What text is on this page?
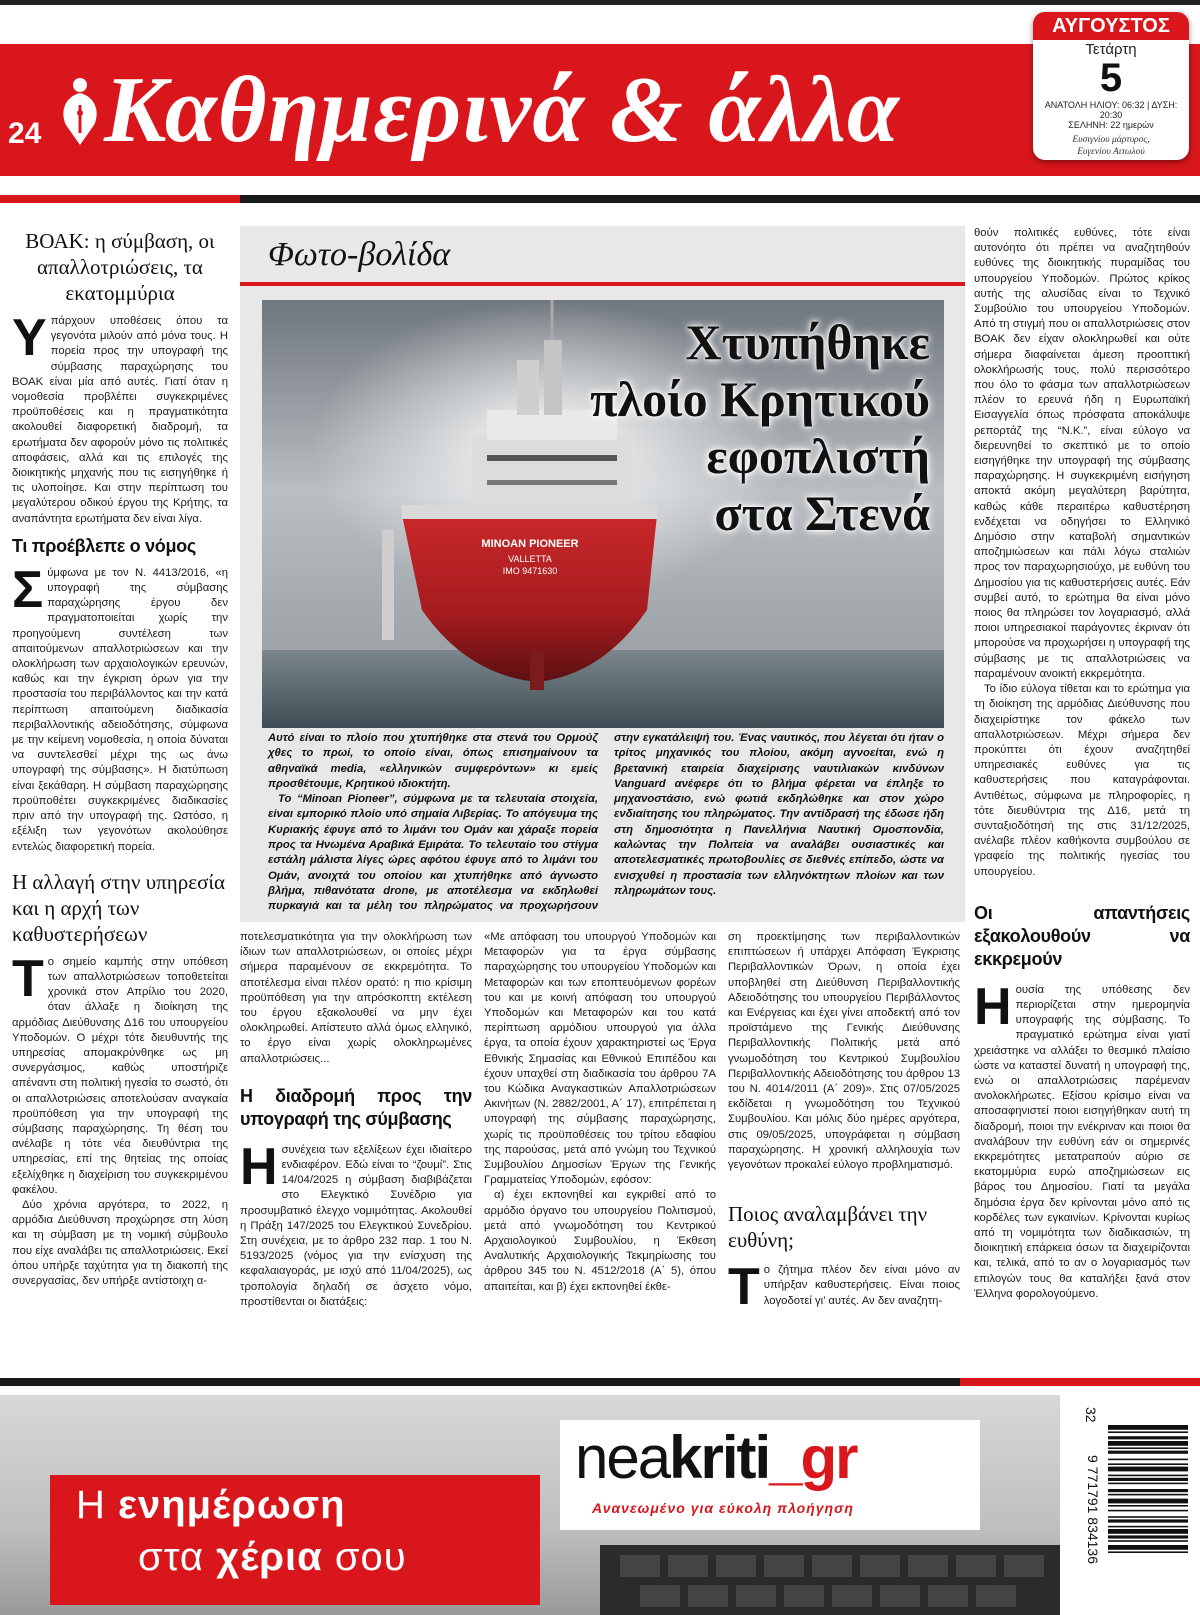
24 Καθημερινά & άλλα
ΑΥΓΟΥΣΤΟΣ
Τετάρτη
5
ΑΝΑΤΟΛΗ ΗΛΙΟΥ: 06:32 | ΔΥΣΗ: 20:30
ΣΕΛΗΝΗ: 22 ημερών
Ευσιγνίου μάρτυρος,
Ευγενίου Αιτωλού
ΒΟΑΚ: η σύμβαση, οι απαλλοτριώσεις, τα εκατομμύρια

Υπάρχουν υποθέσεις όπου τα γεγονότα μιλούν από μόνα τους. Η πορεία προς την υπογραφή της σύμβασης παραχώρησης του ΒΟΑΚ είναι μία από αυτές. Γιατί όταν η νομοθεσία προβλέπει συγκεκριμένες προϋποθέσεις και η πραγματικότητα ακολουθεί διαφορετική διαδρομή, τα ερωτήματα δεν αφορούν μόνο τις πολιτικές αποφάσεις, αλλά και τις επιλογές της διοικητικής μηχανής που τις εισηγήθηκε ή τις υλοποίησε. Και στην περίπτωση του μεγαλύτερου οδικού έργου της Κρήτης, τα αναπάντητα ερωτήματα δεν είναι λίγα.

Τι προέβλεπε ο νόμος

Σύμφωνα με τον Ν. 4413/2016, «η υπογραφή της σύμβασης παραχώρησης έργου δεν πραγματοποιείται χωρίς την προηγούμενη συντέλεση των απαιτούμενων απαλλοτριώσεων και την ολοκλήρωση των αρχαιολογικών ερευνών, καθώς και την έγκριση όρων για την προστασία του περιβάλλοντος και την κατά περίπτωση απαιτούμενη διαδικασία περιβαλλοντικής αδειοδότησης, σύμφωνα με την κείμενη νομοθεσία, η οποία δύναται να συντελεσθεί μέχρι της ως άνω υπογραφή της σύμβασης». Η διατύπωση είναι ξεκάθαρη. Η σύμβαση παραχώρησης προϋποθέτει συγκεκριμένες διαδικασίες πριν από την υπογραφή της. Ωστόσο, η εξέλιξη των γεγονότων ακολούθησε εντελώς διαφορετική πορεία.

Η αλλαγή στην υπηρεσία και η αρχή των καθυστερήσεων

Το σημείο καμπής στην υπόθεση των απαλλοτριώσεων τοποθετείται χρονικά στον Απρίλιο του 2020, όταν άλλαξε η διοίκηση της αρμόδιας Διεύθυνσης Δ16 του υπουργείου Υποδομών. Ο μέχρι τότε διευθυντής της υπηρεσίας απομακρύνθηκε ως μη συνεργάσιμος, καθώς υποστήριζε απέναντι στη πολιτική ηγεσία το σωστό, ότι οι απαλλοτριώσεις αποτελούσαν αναγκαία προϋπόθεση για την υπογραφή της σύμβασης παραχώρησης. Τη θέση του ανέλαβε η τότε νέα διευθύντρια της υπηρεσίας, επί της θητείας της οποίας εξελίχθηκε η διαχείριση του συγκεκριμένου φακέλου.

Δύο χρόνια αργότερα, το 2022, η αρμόδια Διεύθυνση προχώρησε στη λύση και τη σύμβαση με τη νομική σύμβουλο που είχε αναλάβει τις απαλλοτριώσεις. Εκεί όπου υπήρξε ταχύτητα για τη διακοπή της συνεργασίας, δεν υπήρξε αντίστοιχη α-

Φωτο-βολίδα
MINOAN PIONEER
VALLETTA
IMO 9471630
Χτυπήθηκε
πλοίο Κρητικού
εφοπλιστή
στα Στενά

Αυτό είναι το πλοίο που χτυπήθηκε στα στενά του Ορμούζ χθες το πρωί, το οποίο είναι, όπως επισημαίνουν τα αθηναϊκά media, «ελληνικών συμφερόντων» κι εμείς προσθέτουμε, Κρητικού ιδιοκτήτη.

Το “Minoan Pioneer”, σύμφωνα με τα τελευταία στοιχεία, είναι εμπορικό πλοίο υπό σημαία Λιβερίας. Το απόγευμα της Κυριακής έφυγε από το λιμάνι του Ομάν και χάραξε πορεία προς τα Ηνωμένα Αραβικά Εμιράτα. Το τελευταίο του στίγμα εστάλη μάλιστα λίγες ώρες αφότου έφυγε από το λιμάνι του Ομάν, ανοιχτά του οποίου και χτυπήθηκε από άγνωστο βλήμα, πιθανότατα drone, με αποτέλεσμα να εκδηλωθεί πυρκαγιά και τα μέλη του πληρώματος να προχωρήσουν στην εγκατάλειψή του. Ένας ναυτικός, που λέγεται ότι ήταν ο τρίτος μηχανικός του πλοίου, ακόμη αγνοείται, ενώ η βρετανική εταιρεία διαχείρισης ναυτιλιακών κινδύνων Vanguard ανέφερε ότι το βλήμα φέρεται να έπληξε το μηχανοστάσιο, ενώ φωτιά εκδηλώθηκε και στον χώρο ενδιαίτησης του πληρώματος. Την αντίδρασή της έδωσε ήδη στη δημοσιότητα η Πανελλήνια Ναυτική Ομοσπονδία, καλώντας την Πολιτεία να αναλάβει ουσιαστικές και αποτελεσματικές πρωτοβουλίες σε διεθνές επίπεδο, ώστε να ενισχυθεί η προστασία των ελληνόκτητων πλοίων και των πληρωμάτων τους.

ποτελεσματικότητα για την ολοκλήρωση των ίδιων των απαλλοτριώσεων, οι οποίες μέχρι σήμερα παραμένουν σε εκκρεμότητα. Το αποτέλεσμα είναι πλέον ορατό: η πιο κρίσιμη προϋπόθεση για την απρόσκοπτη εκτέλεση του έργου εξακολουθεί να μην έχει ολοκληρωθεί. Απίστευτο αλλά όμως ελληνικό, το έργο είναι χωρίς ολοκληρωμένες απαλλοτριώσεις...

Η διαδρομή προς την υπογραφή της σύμβασης

Ησυνέχεια των εξελίξεων έχει ιδιαίτερο ενδιαφέρον. Εδώ είναι το “ζουμί”. Στις 14/04/2025 η σύμβαση διαβιβάζεται στο Ελεγκτικό Συνέδριο για προσυμβατικό έλεγχο νομιμότητας. Ακολουθεί η Πράξη 147/2025 του Ελεγκτικού Συνεδρίου. Στη συνέχεια, με το άρθρο 232 παρ. 1 του Ν. 5193/2025 (νόμος για την ενίσχυση της κεφαλαιαγοράς, με ισχύ από 11/04/2025), ως τροπολογία δηλαδή σε άσχετο νόμο, προστίθενται οι διατάξεις:

«Με απόφαση του υπουργού Υποδομών και Μεταφορών για τα έργα σύμβασης παραχώρησης του υπουργείου Υποδομών και Μεταφορών και των εποπτευόμενων φορέων του και με κοινή απόφαση του υπουργού Υποδομών και Μεταφορών και του κατά περίπτωση αρμόδιου υπουργού για άλλα έργα, τα οποία έχουν χαρακτηριστεί ως Έργα Εθνικής Σημασίας και Εθνικού Επιπέδου και έχουν υπαχθεί στη διαδικασία του άρθρου 7Α του Κώδικα Αναγκαστικών Απαλλοτριώσεων Ακινήτων (Ν. 2882/2001, Α΄ 17), επιτρέπεται η υπογραφή της σύμβασης παραχώρησης, χωρίς τις προϋποθέσεις του τρίτου εδαφίου της παρούσας, μετά από γνώμη του Τεχνικού Συμβουλίου Δημοσίων Έργων της Γενικής Γραμματείας Υποδομών, εφόσον:

α) έχει εκπονηθεί και εγκριθεί από το αρμόδιο όργανο του υπουργείου Πολιτισμού, μετά από γνωμοδότηση του Κεντρικού Αρχαιολογικού Συμβουλίου, η Έκθεση Αναλυτικής Αρχαιολογικής Τεκμηρίωσης του άρθρου 345 του Ν. 4512/2018 (Α΄ 5), όπου απαιτείται, και β) έχει εκπονηθεί έκθε-

ση προεκτίμησης των περιβαλλοντικών επιπτώσεων ή υπάρχει Απόφαση Έγκρισης Περιβαλλοντικών Όρων, η οποία έχει υποβληθεί στη Διεύθυνση Περιβαλλοντικής Αδειοδότησης του υπουργείου Περιβάλλοντος και Ενέργειας και έχει γίνει αποδεκτή από τον προϊστάμενο της Γενικής Διεύθυνσης Περιβαλλοντικής Πολιτικής μετά από γνωμοδότηση του Κεντρικού Συμβουλίου Περιβαλλοντικής Αδειοδότησης του άρθρου 13 του Ν. 4014/2011 (Α΄ 209)». Στις 07/05/2025 εκδίδεται η γνωμοδότηση του Τεχνικού Συμβουλίου. Και μόλις δύο ημέρες αργότερα, στις 09/05/2025, υπογράφεται η σύμβαση παραχώρησης. Η χρονική αλληλουχία των γεγονότων προκαλεί εύλογο προβληματισμό.

Ποιος αναλαμβάνει την ευθύνη;

Το ζήτημα πλέον δεν είναι μόνο αν υπήρξαν καθυστερήσεις. Είναι ποιος λογοδοτεί γι’ αυτές. Αν δεν αναζητη-

θούν πολιτικές ευθύνες, τότε είναι αυτονόητο ότι πρέπει να αναζητηθούν ευθύνες της διοικητικής πυραμίδας του υπουργείου Υποδομών. Πρώτος κρίκος αυτής της αλυσίδας είναι το Τεχνικό Συμβούλιο του υπουργείου Υποδομών. Από τη στιγμή που οι απαλλοτριώσεις στον ΒΟΑΚ δεν είχαν ολοκληρωθεί και ούτε σήμερα διαφαίνεται άμεση προοπτική ολοκλήρωσής τους, πολύ περισσότερο που όλο το φάσμα των απαλλοτριώσεων πλέον το ερευνά ήδη η Ευρωπαϊκή Εισαγγελία όπως πρόσφατα αποκάλυψε ρεπορτάζ της “Ν.Κ.”, είναι εύλογο να διερευνηθεί το σκεπτικό με το οποίο εισηγήθηκε την υπογραφή της σύμβασης παραχώρησης. Η συγκεκριμένη εισήγηση αποκτά ακόμη μεγαλύτερη βαρύτητα, καθώς κάθε περαιτέρω καθυστέρηση ενδέχεται να οδηγήσει το Ελληνικό Δημόσιο στην καταβολή σημαντικών αποζημιώσεων και πάλι λόγω σταλιών προς τον παραχωρησιούχο, με ευθύνη του Δημοσίου για τις καθυστερήσεις αυτές. Εάν συμβεί αυτό, το ερώτημα θα είναι μόνο ποιος θα πληρώσει τον λογαριασμό, αλλά ποιοι υπηρεσιακοί παράγοντες έκριναν ότι μπορούσε να προχωρήσει η υπογραφή της σύμβασης με τις απαλλοτριώσεις να παραμένουν ανοικτή εκκρεμότητα.

Το ίδιο εύλογα τίθεται και το ερώτημα για τη διοίκηση της αρμόδιας Διεύθυνσης που διαχειρίστηκε τον φάκελο των απαλλοτριώσεων. Μέχρι σήμερα δεν προκύπτει ότι έχουν αναζητηθεί υπηρεσιακές ευθύνες για τις καθυστερήσεις που καταγράφονται. Αντιθέτως, σύμφωνα με πληροφορίες, η τότε διευθύντρια της Δ16, μετά τη συνταξιοδότησή της στις 31/12/2025, ανέλαβε πλέον καθήκοντα συμβούλου σε γραφείο της πολιτικής ηγεσίας του υπουργείου.

Οι απαντήσεις εξακολουθούν να εκκρεμούν

Ηουσία της υπόθεσης δεν περιορίζεται στην ημερομηνία υπογραφής της σύμβασης. Το πραγματικό ερώτημα είναι γιατί χρειάστηκε να αλλάξει το θεσμικό πλαίσιο ώστε να καταστεί δυνατή η υπογραφή της, ενώ οι απαλλοτριώσεις παρέμεναν ανολοκλήρωτες. Εξίσου κρίσιμο είναι να αποσαφηνιστεί ποιοι εισηγήθηκαν αυτή τη διαδρομή, ποιοι την ενέκριναν και ποιοι θα αναλάβουν την ευθύνη εάν οι σημερινές εκκρεμότητες μετατραπούν αύριο σε εκατομμύρια ευρώ αποζημιώσεων εις βάρος του Δημοσίου. Γιατί τα μεγάλα δημόσια έργα δεν κρίνονται μόνο από τις κορδέλες των εγκαινίων. Κρίνονται κυρίως από τη νομιμότητα των διαδικασιών, τη διοικητική επάρκεια όσων τα διαχειρίζονται και, τελικά, από το αν ο λογαριασμός των επιλογών τους θα καταλήξει ξανά στον Έλληνα φορολογούμενο.

Η ενημέρωση
στα χέρια σου
neakriti_gr
Ανανεωμένο για εύκολη πλοήγηση
32
9 771791 834136
